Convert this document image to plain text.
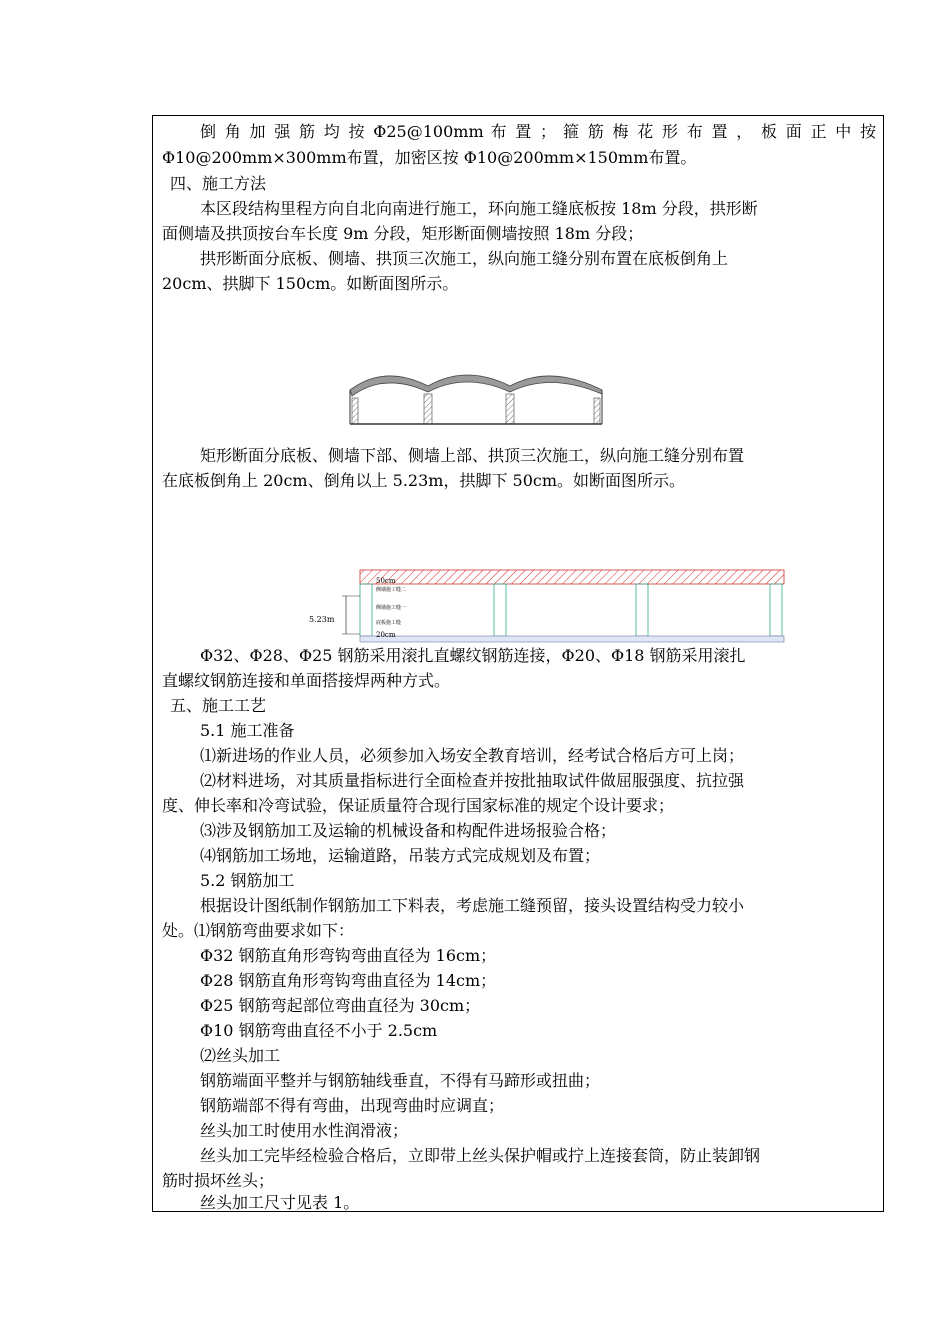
倒 角 加 强 筋 均 按 Φ25@100mm 布 置 ； 箍 筋 梅 花 形 布 置 ， 板 面 正 中 按
Φ10@200mm×300mm布置，加密区按 Φ10@200mm×150mm布置。
四、施工方法
本区段结构里程方向自北向南进行施工，环向施工缝底板按 18m 分段，拱形断
面侧墙及拱顶按台车长度 9m 分段，矩形断面侧墙按照 18m 分段；
拱形断面分底板、侧墙、拱顶三次施工，纵向施工缝分别布置在底板倒角上
20cm、拱脚下 150cm。如断面图所示。
矩形断面分底板、侧墙下部、侧墙上部、拱顶三次施工，纵向施工缝分别布置
在底板倒角上 20cm、倒角以上 5.23m，拱脚下 50cm。如断面图所示。
5.23m
50cm
侧墙施工缝二
侧墙施工缝一
底板施工缝
20cm
Φ32、Φ28、Φ25 钢筋采用滚扎直螺纹钢筋连接，Φ20、Φ18 钢筋采用滚扎
直螺纹钢筋连接和单面搭接焊两种方式。
五、施工工艺
5.1 施工准备
⑴新进场的作业人员，必须参加入场安全教育培训，经考试合格后方可上岗；
⑵材料进场，对其质量指标进行全面检查并按批抽取试件做屈服强度、抗拉强
度、伸长率和冷弯试验，保证质量符合现行国家标准的规定个设计要求；
⑶涉及钢筋加工及运输的机械设备和构配件进场报验合格；
⑷钢筋加工场地，运输道路，吊装方式完成规划及布置；
5.2 钢筋加工
根据设计图纸制作钢筋加工下料表，考虑施工缝预留，接头设置结构受力较小
处。⑴钢筋弯曲要求如下：
Φ32 钢筋直角形弯钩弯曲直径为 16cm；
Φ28 钢筋直角形弯钩弯曲直径为 14cm；
Φ25 钢筋弯起部位弯曲直径为 30cm；
Φ10 钢筋弯曲直径不小于 2.5cm
⑵丝头加工
钢筋端面平整并与钢筋轴线垂直，不得有马蹄形或扭曲；
钢筋端部不得有弯曲，出现弯曲时应调直；
丝头加工时使用水性润滑液；
丝头加工完毕经检验合格后，立即带上丝头保护帽或拧上连接套筒，防止装卸钢
筋时损坏丝头；
丝头加工尺寸见表 1。
